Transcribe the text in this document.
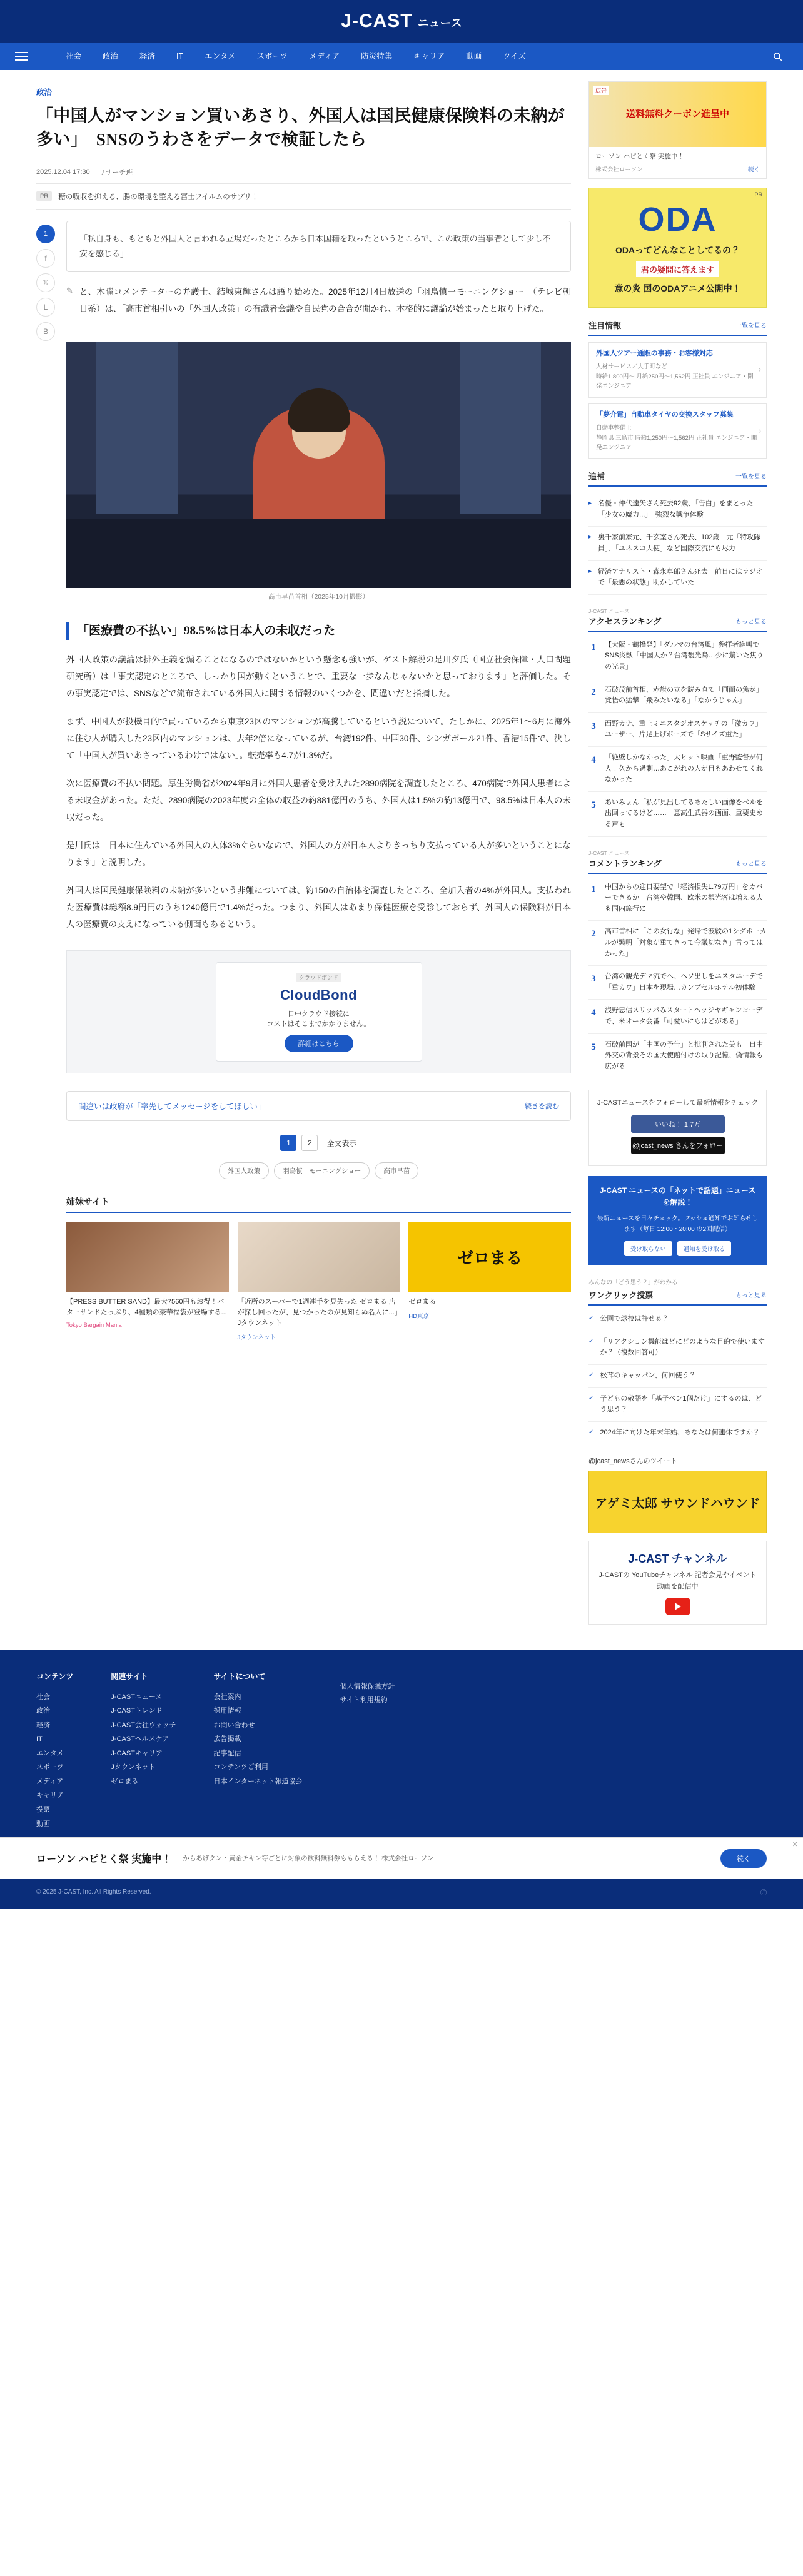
J-CAST ニュース
社会	政治	経済	IT	エンタメ	スポーツ	メディア	防災特集	キャリア	動画	クイズ
政治
「中国人がマンション買いあさり、外国人は国民健康保険料の未納が多い」　SNSのうわさをデータで検証したら
2025.12.04 17:30 リサーチ班
PR	糖の吸収を抑える、腸の環境を整える富士フイルムのサプリ！
1
f
𝕏
L
B
「私自身も、もともと外国人と言われる立場だったところから日本国籍を取ったというところで、この政策の当事者として少し不安を感じる」
✎ と、木曜コメンテーターの弁護士、結城東輝さんは語り始めた。2025年12月4日放送の「羽鳥慎一モーニングショー」（テレビ朝日系）は、「高市首相引いの「外国人政策」の有識者会議や自民党の合合が開かれ、本格的に議論が始まったと取り上げた。

高市早苗首相（2025年10月撮影）
「医療費の不払い」98.5%は日本人の未収だった

外国人政策の議論は排外主義を煽ることになるのではないかという懸念も強いが、ゲスト解説の是川夕氏（国立社会保障・人口問題研究所）は「事実認定のところで、しっかり国が動くということで、重要な一歩なんじゃないかと思っております」と評価した。その事実認定では、SNSなどで流布されている外国人に関する情報のいくつかを、間違いだと指摘した。

まず、中国人が投機目的で買っているから東京23区のマンションが高騰しているという説について。たしかに、2025年1～6月に海外に住む人が購入した23区内のマンションは、去年2倍になっているが、台湾192件、中国30件、シンガポール21件、香港15件で、決して「中国人が買いあさっているわけではない」。転売率も4.7が1.3%だ。

次に医療費の不払い問題。厚生労働省が2024年9月に外国人患者を受け入れた2890病院を調査したところ、470病院で外国人患者による未収金があった。ただ、2890病院の2023年度の全体の収益の約881億円のうち、外国人は1.5%の約13億円で、98.5%は日本人の未収だった。

是川氏は「日本に住んでいる外国人の人体3%ぐらいなので、外国人の方が日本人よりきっちり支払っている人が多いということになります」と説明した。

外国人は国民健康保険料の未納が多いという非難については、約150の自治体を調査したところ、全加入者の4%が外国人。支払われた医療費は総額8.9円円のうち1240億円で1.4%だった。つまり、外国人はあまり保健医療を受診しておらず、外国人の保険料が日本人の医療費の支えになっている側面もあるという。

クラウドボンド
CloudBond
日中クラウド接続に
コストはそこまでかかりません。
詳細はこちら
間違いは政府が「率先してメッセージをしてほしい」	続きを読む
1	2	全文表示
外国人政策	羽鳥慎一モーニングショー	高市早苗
姉妹サイト
【PRESS BUTTER SAND】最大7560円もお得！バターサンドたっぷり、4種類の豪華福袋が登場する...
Tokyo Bargain Mania
「近所のスーパーで1週連手を見失った ゼロまる 店が探し回ったが、見つかったのが見知らぬ名人に...」Jタウンネット
Jタウンネット
ゼロまる
ゼロまる
HD東京
広告
送料無料クーポン進呈中
ローソン ハピとく祭 実施中！
株式会社ローソン	続く
PR
ODA
ODAってどんなことしてるの？
君の疑問に答えます
意の炎 国のODAアニメ公開中！
注目情報	一覧を見る
外国人ツアー通販の事務・お客様対応
人材サービス／大手町など
時給1,800円～ 月給250円～1,562円 正社員 エンジニア・開発エンジニア
›
「夢介電」自動車タイヤの交換スタッフ募集
自動車整備士
静岡県 三島市 時給1,250円～1,562円 正社員 エンジニア・開発エンジニア
›
追補	一覧を見る
▸ 名優・仲代達矢さん死去92歳、「告白」をまとった「少女の魔力...」　強烈な戦争体験
▸ 裏千家前家元、千玄室さん死去、102歳　元「特攻隊員」、「ユネスコ大使」など国際交流にも尽力
▸ 経済アナリスト・森永卓郎さん死去　前日にはラジオで「最悪の状態」明かしていた
J-CAST ニュース
アクセスランキング	もっと見る
1	【大阪・鶴橋発】「ダルマの台湾風」参拝者絶叫でSNS炎獣「中国人か？台湾観光鳥…少に驚いた焦りの光景」
2	石破茂前首相、赤旗の立を読み直て「画面の焦が」覚悟の猛撃「飛みたいなる」「なかうじゃん」
3	西野カナ、重上ミニスタジオスケッチの「激カワ」ユーザー、片足上げポーズで「Sサイズ重た」
4	「絶壁しかなかった」大ヒット映画「重野監督が何人！久から過剰…あこがれの人が目もあわせてくれなかった
5	あいみょん「私が見出してるあたしい画像をベルを出回ってるけど……」意高生武器の画面、重要史める声も
J-CAST ニュース
コメントランキング	もっと見る
1	中国からの迎日要望で「経済損失1.79万円」をカバーできるか　台湾や韓国、欧米の観光客は増える大も国内旅行に
2	高市首相に「この女行な」発帰で波紋の1シグポーカルが繁明「対象が重てきって今議切なき」言ってはかった」
3	台湾の観光デマ流でへ、ヘソ出しをニスタニーデで「重カワ」日本を現場…カンプセルホテル初体験
4	浅野忠信スリッパみスタートヘッジヤギャンヨーデで、米オータ会番「可愛いにもはどがある」
5	石破前国が「中国の予告」と批判された美も　日中外交の背景その国大使館付けの取り記憶、偽情報も広がる
J-CASTニュースをフォローして最新情報をチェック
いいね！ 1.7万
@jcast_news さんをフォロー
J-CAST ニュースの「ネットで話題」ニュースを解説！
最新ニュースを日々チェック。プッシュ通知でお知らせします（毎日 12:00・20:00 の2回配信）
受け取らない	通知を受け取る
みんなの「どう思う？」がわかる
ワンクリック投票	もっと見る
✓ 公園で球技は許せる？
✓ 「リアクション機能はどにどのような目的で使いますか？（複数回答可）
✓ 松茸のキャッパン、何回使う？
✓ 子どもの敬語を「基子ぺン1個だけ」にするのは、どう思う？
✓ 2024年に向けた年末年始、あなたは何連休ですか？
@jcast_newsさんのツイート
アゲミ太郎 サウンドハウンド
J-CAST チャンネル
J-CASTの YouTubeチャンネル 記者会見やイベント動画を配信中
コンテンツ
社会
政治
経済
IT
エンタメ
スポーツ
メディア
キャリア
投票
動画
関連サイト
J-CASTニュース
J-CASTトレンド
J-CAST会社ウォッチ
J-CASTヘルスケア
J-CASTキャリア
Jタウンネット
ゼロまる
サイトについて
会社案内
採用情報
お問い合わせ
広告掲載
記事配信
コンテンツご利用
日本インターネット報道協会
個人情報保護方針
サイト利用規約
✕
ローソン ハピとく祭 実施中！ からあげクン・黄金チキン等ごとに対象の飲料無料券ももらえる！ 株式会社ローソン	続く
© 2025 J-CAST, Inc. All Rights Reserved.	Ⓙ
